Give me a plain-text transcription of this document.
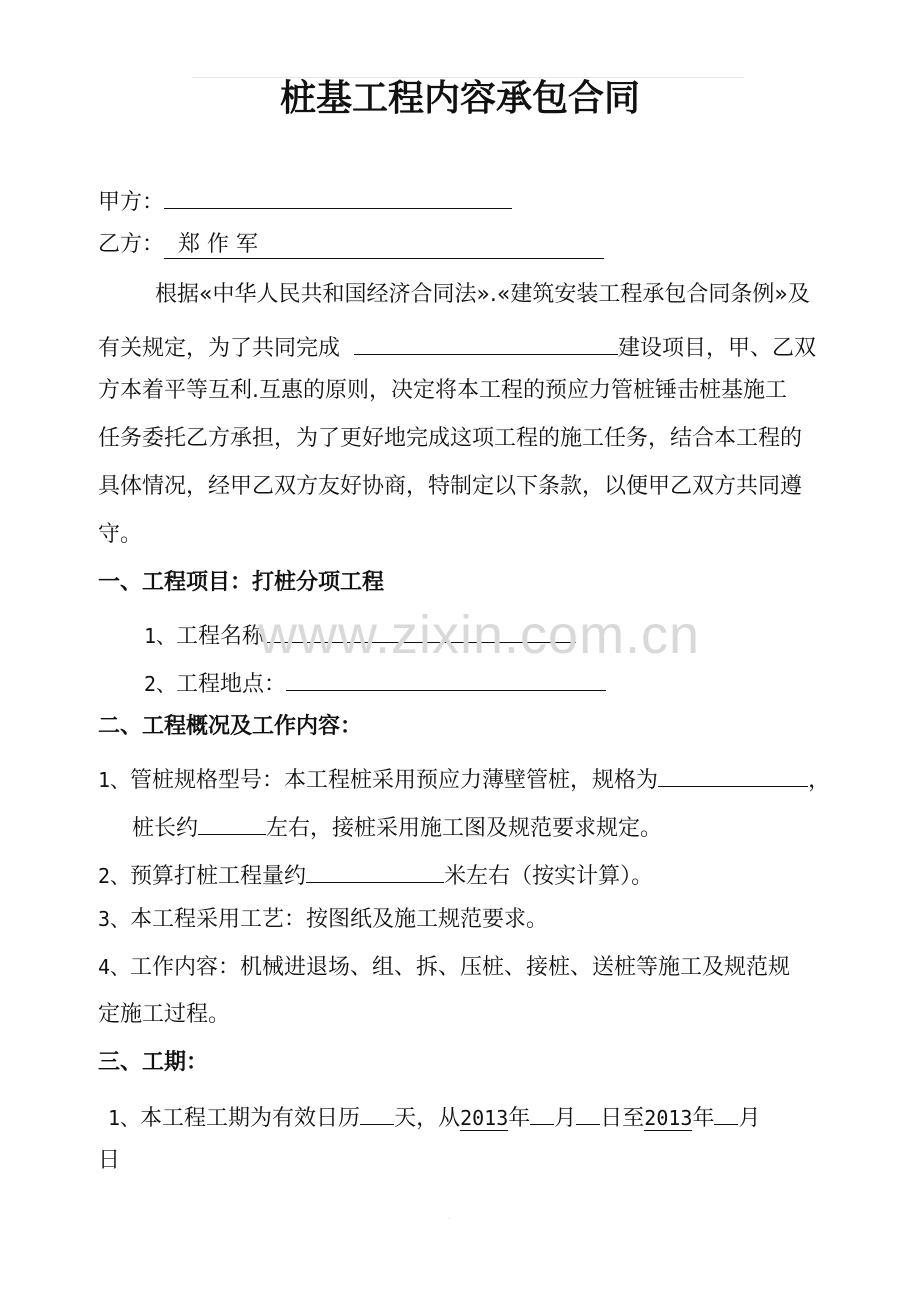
桩基工程内容承包合同
甲方：
乙方： 郑 作 军
根据«中华人民共和国经济合同法».«建筑安装工程承包合同条例»及
有关规定，为了共同完成	建设项目，甲、乙双
方本着平等互利.互惠的原则，决定将本工程的预应力管桩锤击桩基施工
任务委托乙方承担，为了更好地完成这项工程的施工任务，结合本工程的
具体情况，经甲乙双方友好协商，特制定以下条款，以便甲乙双方共同遵
守。
一、工程项目：打桩分项工程
1、工程名称
2、工程地点：
二、工程概况及工作内容：
1、管桩规格型号：本工程桩采用预应力薄壁管桩，规格为	，
桩长约	左右，接桩采用施工图及规范要求规定。
2、预算打桩工程量约	米左右（按实计算）。
3、本工程采用工艺：按图纸及施工规范要求。
4、工作内容：机械进退场、组、拆、压桩、接桩、送桩等施工及规范规
定施工过程。
三、工期：
1、本工程工期为有效日历 天，从2013年 月 日至2013年 月
日
www.zixin.com.cn
·
